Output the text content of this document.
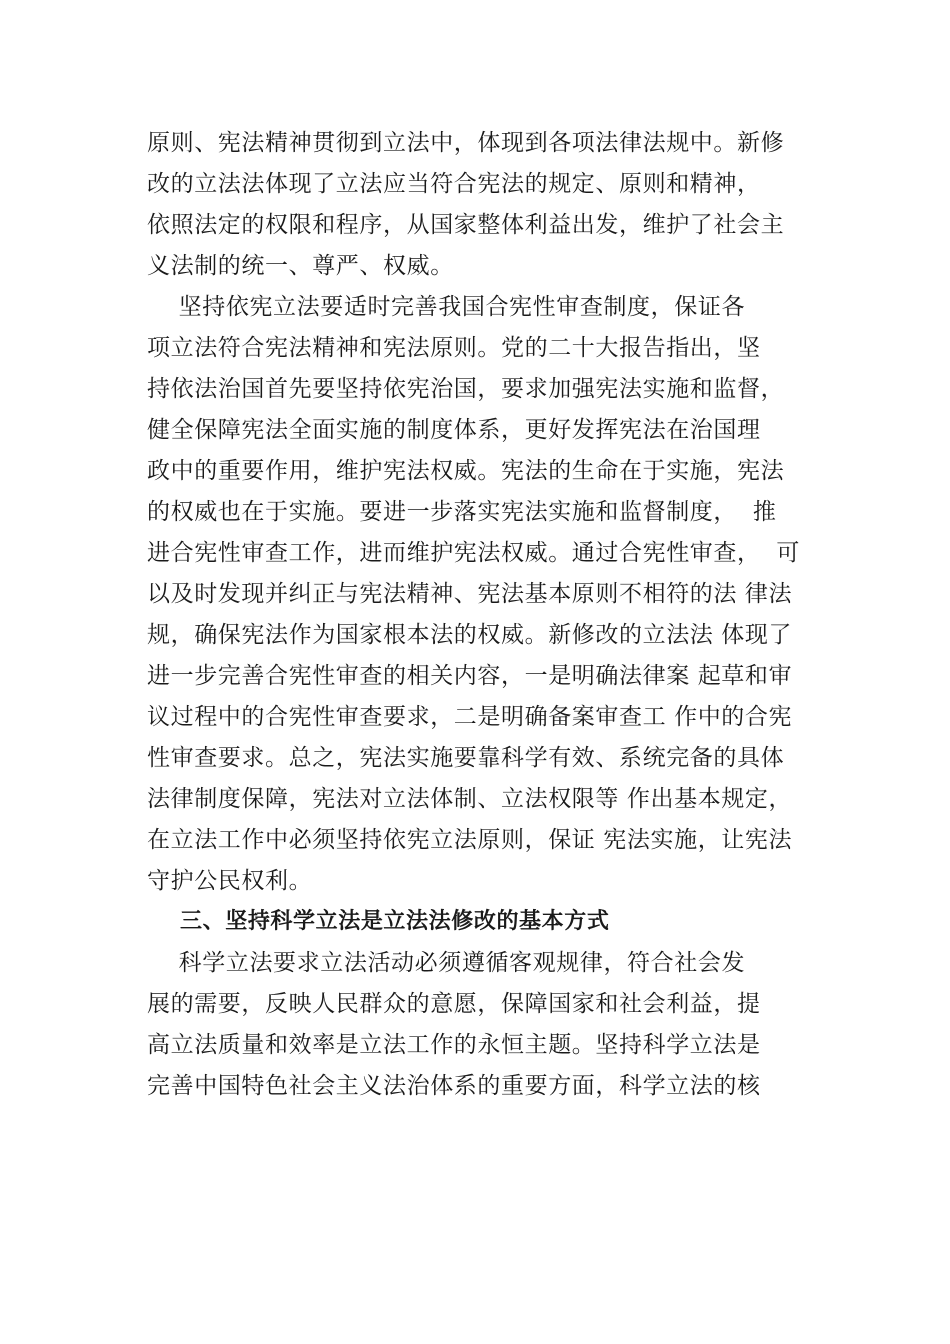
原则、宪法精神贯彻到立法中，体现到各项法律法规中。新修
改的立法法体现了立法应当符合宪法的规定、原则和精神，
依照法定的权限和程序，从国家整体利益出发，维护了社会主
义法制的统一、尊严、权威。
坚持依宪立法要适时完善我国合宪性审查制度，保证各
项立法符合宪法精神和宪法原则。党的二十大报告指出，坚
持依法治国首先要坚持依宪治国，要求加强宪法实施和监督，
健全保障宪法全面实施的制度体系，更好发挥宪法在治国理
政中的重要作用，维护宪法权威。宪法的生命在于实施，宪法
的权威也在于实施。要进一步落实宪法实施和监督制度，  推
进合宪性审查工作，进而维护宪法权威。通过合宪性审查，  可
以及时发现并纠正与宪法精神、宪法基本原则不相符的法 律法
规，确保宪法作为国家根本法的权威。新修改的立法法 体现了
进一步完善合宪性审查的相关内容，一是明确法律案 起草和审
议过程中的合宪性审查要求，二是明确备案审查工 作中的合宪
性审查要求。总之，宪法实施要靠科学有效、系统完备的具体
法律制度保障，宪法对立法体制、立法权限等 作出基本规定，
在立法工作中必须坚持依宪立法原则，保证 宪法实施，让宪法
守护公民权利。
三、坚持科学立法是立法法修改的基本方式
科学立法要求立法活动必须遵循客观规律，符合社会发
展的需要，反映人民群众的意愿，保障国家和社会利益，提
高立法质量和效率是立法工作的永恒主题。坚持科学立法是
完善中国特色社会主义法治体系的重要方面，科学立法的核
